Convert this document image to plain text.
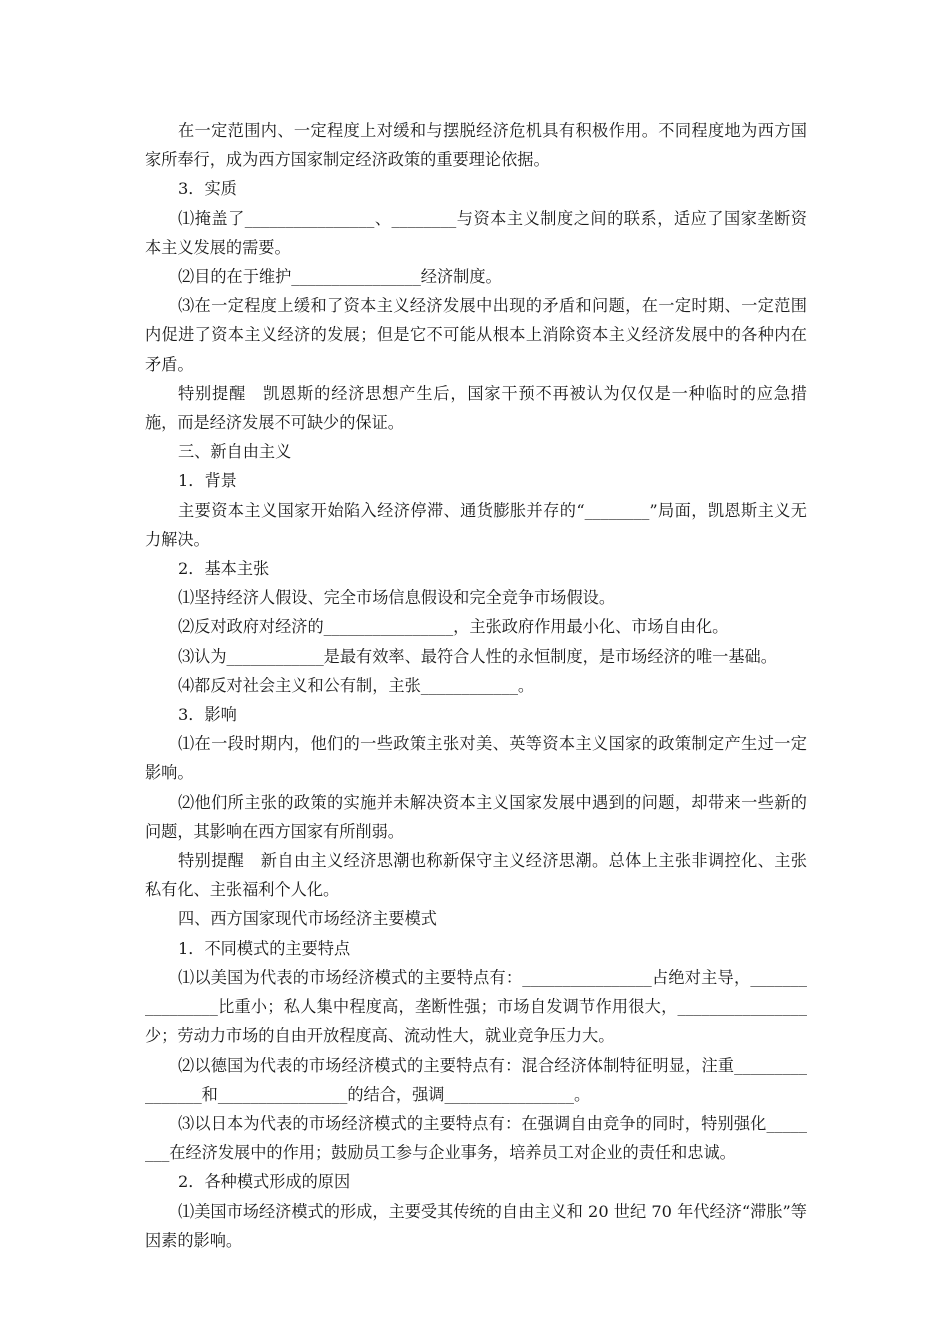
在一定范围内、一定程度上对缓和与摆脱经济危机具有积极作用。不同程度地为西方国家所奉行，成为西方国家制定经济政策的重要理论依据。

3．实质

⑴掩盖了________________、________与资本主义制度之间的联系，适应了国家垄断资本主义发展的需要。

⑵目的在于维护________________经济制度。

⑶在一定程度上缓和了资本主义经济发展中出现的矛盾和问题，在一定时期、一定范围内促进了资本主义经济的发展；但是它不可能从根本上消除资本主义经济发展中的各种内在矛盾。

特别提醒　凯恩斯的经济思想产生后，国家干预不再被认为仅仅是一种临时的应急措施，而是经济发展不可缺少的保证。

三、新自由主义

1．背景

主要资本主义国家开始陷入经济停滞、通货膨胀并存的“________”局面，凯恩斯主义无力解决。

2．基本主张

⑴坚持经济人假设、完全市场信息假设和完全竞争市场假设。

⑵反对政府对经济的________________，主张政府作用最小化、市场自由化。

⑶认为____________是最有效率、最符合人性的永恒制度，是市场经济的唯一基础。

⑷都反对社会主义和公有制，主张____________。

3．影响

⑴在一段时期内，他们的一些政策主张对美、英等资本主义国家的政策制定产生过一定影响。

⑵他们所主张的政策的实施并未解决资本主义国家发展中遇到的问题，却带来一些新的问题，其影响在西方国家有所削弱。

特别提醒　新自由主义经济思潮也称新保守主义经济思潮。总体上主张非调控化、主张私有化、主张福利个人化。

四、西方国家现代市场经济主要模式

1．不同模式的主要特点

⑴以美国为代表的市场经济模式的主要特点有：________________占绝对主导，________________比重小；私人集中程度高，垄断性强；市场自发调节作用很大，________________少；劳动力市场的自由开放程度高、流动性大，就业竞争压力大。

⑵以德国为代表的市场经济模式的主要特点有：混合经济体制特征明显，注重________________和________________的结合，强调________________。

⑶以日本为代表的市场经济模式的主要特点有：在强调自由竞争的同时，特别强化________在经济发展中的作用；鼓励员工参与企业事务，培养员工对企业的责任和忠诚。

2．各种模式形成的原因

⑴美国市场经济模式的形成，主要受其传统的自由主义和 20 世纪 70 年代经济“滞胀”等因素的影响。
